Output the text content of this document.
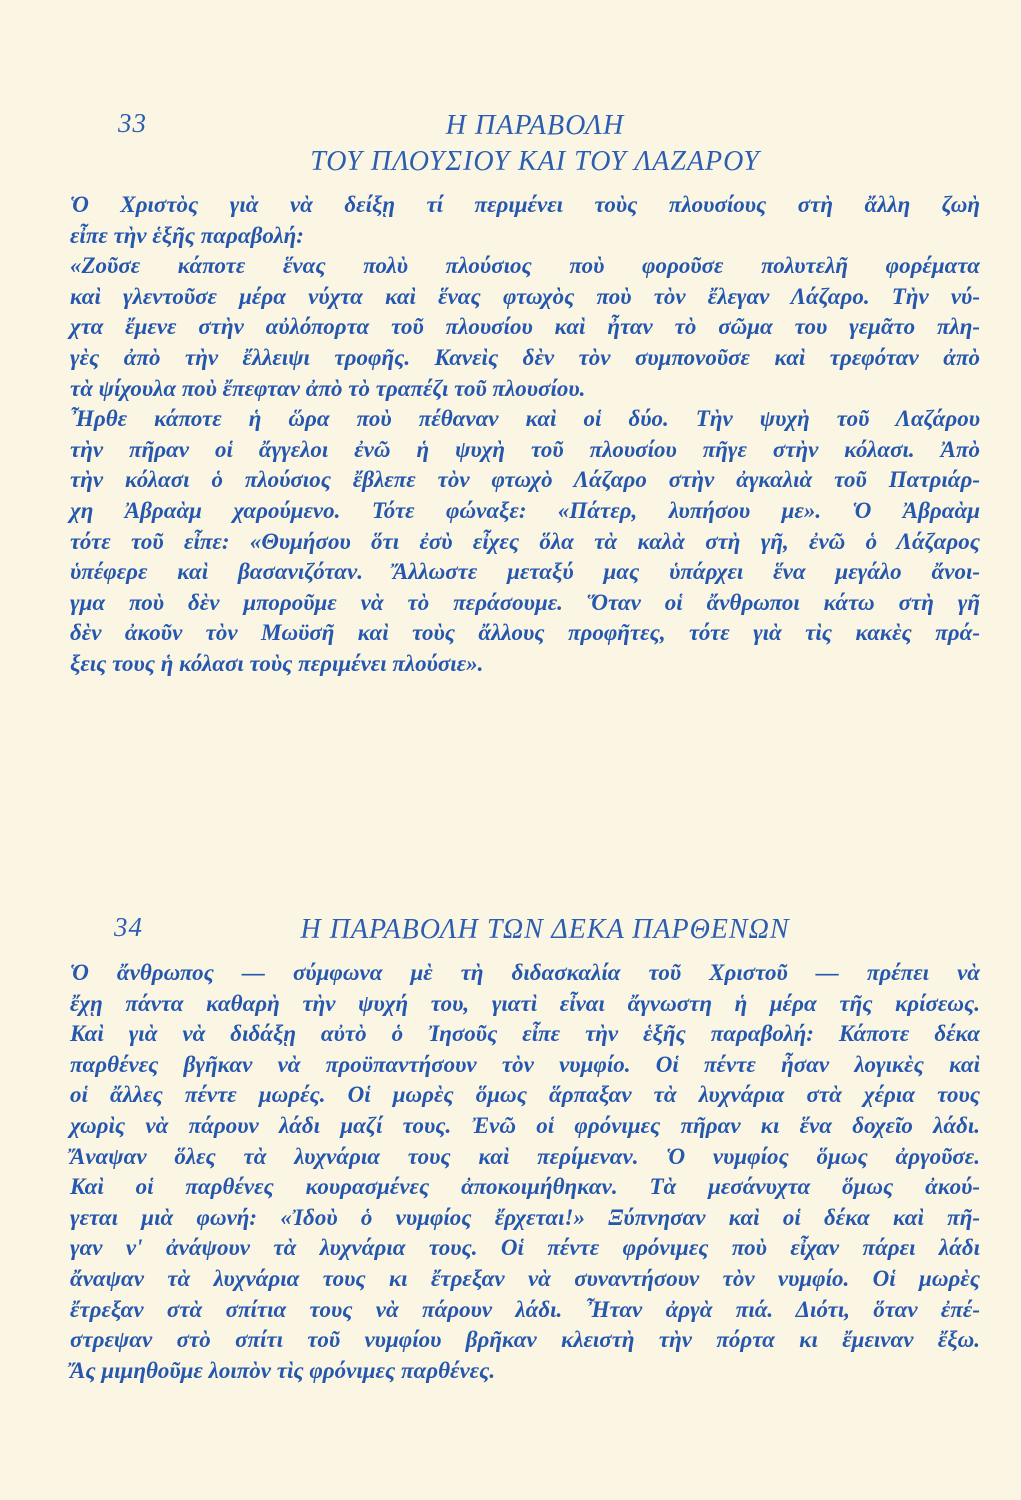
33	Η ΠΑΡΑΒΟΛΗ
ΤΟΥ ΠΛΟΥΣΙΟΥ ΚΑΙ ΤΟΥ ΛΑΖΑΡΟΥ
Ὁ Χριστὸς γιὰ νὰ δείξῃ τί περιμένει τοὺς πλουσίους στὴ ἄλλη ζωὴ
εἶπε τὴν ἑξῆς παραβολή:
«Ζοῦσε κάποτε ἕνας πολὺ πλούσιος ποὺ φοροῦσε πολυτελῆ φορέματα
καὶ γλεντοῦσε μέρα νύχτα καὶ ἕνας φτωχὸς ποὺ τὸν ἔλεγαν Λάζαρο. Τὴν νύ-
χτα ἔμενε στὴν αὐλόπορτα τοῦ πλουσίου καὶ ἦταν τὸ σῶμα του γεμᾶτο πλη-
γὲς ἀπὸ τὴν ἔλλειψι τροφῆς. Κανεὶς δὲν τὸν συμπονοῦσε καὶ τρεφόταν ἀπὸ
τὰ ψίχουλα ποὺ ἔπεφταν ἀπὸ τὸ τραπέζι τοῦ πλουσίου.
Ἦρθε κάποτε ἡ ὥρα ποὺ πέθαναν καὶ οἱ δύο. Τὴν ψυχὴ τοῦ Λαζάρου
τὴν πῆραν οἱ ἄγγελοι ἐνῶ ἡ ψυχὴ τοῦ πλουσίου πῆγε στὴν κόλασι. Ἀπὸ
τὴν κόλασι ὁ πλούσιος ἔβλεπε τὸν φτωχὸ Λάζαρο στὴν ἀγκαλιὰ τοῦ Πατριάρ-
χη Ἀβραὰμ χαρούμενο. Τότε φώναξε: «Πάτερ, λυπήσου με». Ὁ Ἀβραὰμ
τότε τοῦ εἶπε: «Θυμήσου ὅτι ἐσὺ εἶχες ὅλα τὰ καλὰ στὴ γῆ, ἐνῶ ὁ Λάζαρος
ὑπέφερε καὶ βασανιζόταν. Ἄλλωστε μεταξύ μας ὑπάρχει ἕνα μεγάλο ἄνοι-
γμα ποὺ δὲν μποροῦμε νὰ τὸ περάσουμε. Ὅταν οἱ ἄνθρωποι κάτω στὴ γῆ
δὲν ἀκοῦν τὸν Μωϋσῆ καὶ τοὺς ἄλλους προφῆτες, τότε γιὰ τὶς κακὲς πρά-
ξεις τους ἡ κόλασι τοὺς περιμένει πλούσιε».
34	Η ΠΑΡΑΒΟΛΗ ΤΩΝ ΔΕΚΑ ΠΑΡΘΕΝΩΝ
Ὁ ἄνθρωπος — σύμφωνα μὲ τὴ διδασκαλία τοῦ Χριστοῦ — πρέπει νὰ
ἔχῃ πάντα καθαρὴ τὴν ψυχή του, γιατὶ εἶναι ἄγνωστη ἡ μέρα τῆς κρίσεως.
Καὶ γιὰ νὰ διδάξῃ αὐτὸ ὁ Ἰησοῦς εἶπε τὴν ἑξῆς παραβολή: Κάποτε δέκα
παρθένες βγῆκαν νὰ προϋπαντήσουν τὸν νυμφίο. Οἱ πέντε ἦσαν λογικὲς καὶ
οἱ ἄλλες πέντε μωρές. Οἱ μωρὲς ὅμως ἅρπαξαν τὰ λυχνάρια στὰ χέρια τους
χωρὶς νὰ πάρουν λάδι μαζί τους. Ἐνῶ οἱ φρόνιμες πῆραν κι ἕνα δοχεῖο λάδι.
Ἄναψαν ὅλες τὰ λυχνάρια τους καὶ περίμεναν. Ὁ νυμφίος ὅμως ἀργοῦσε.
Καὶ οἱ παρθένες κουρασμένες ἀποκοιμήθηκαν. Τὰ μεσάνυχτα ὅμως ἀκού-
γεται μιὰ φωνή: «Ἰδοὺ ὁ νυμφίος ἔρχεται!» Ξύπνησαν καὶ οἱ δέκα καὶ πῆ-
γαν ν' ἀνάψουν τὰ λυχνάρια τους. Οἱ πέντε φρόνιμες ποὺ εἶχαν πάρει λάδι
ἄναψαν τὰ λυχνάρια τους κι ἔτρεξαν νὰ συναντήσουν τὸν νυμφίο. Οἱ μωρὲς
ἔτρεξαν στὰ σπίτια τους νὰ πάρουν λάδι. Ἦταν ἀργὰ πιά. Διότι, ὅταν ἐπέ-
στρεψαν στὸ σπίτι τοῦ νυμφίου βρῆκαν κλειστὴ τὴν πόρτα κι ἔμειναν ἔξω.
Ἄς μιμηθοῦμε λοιπὸν τὶς φρόνιμες παρθένες.
